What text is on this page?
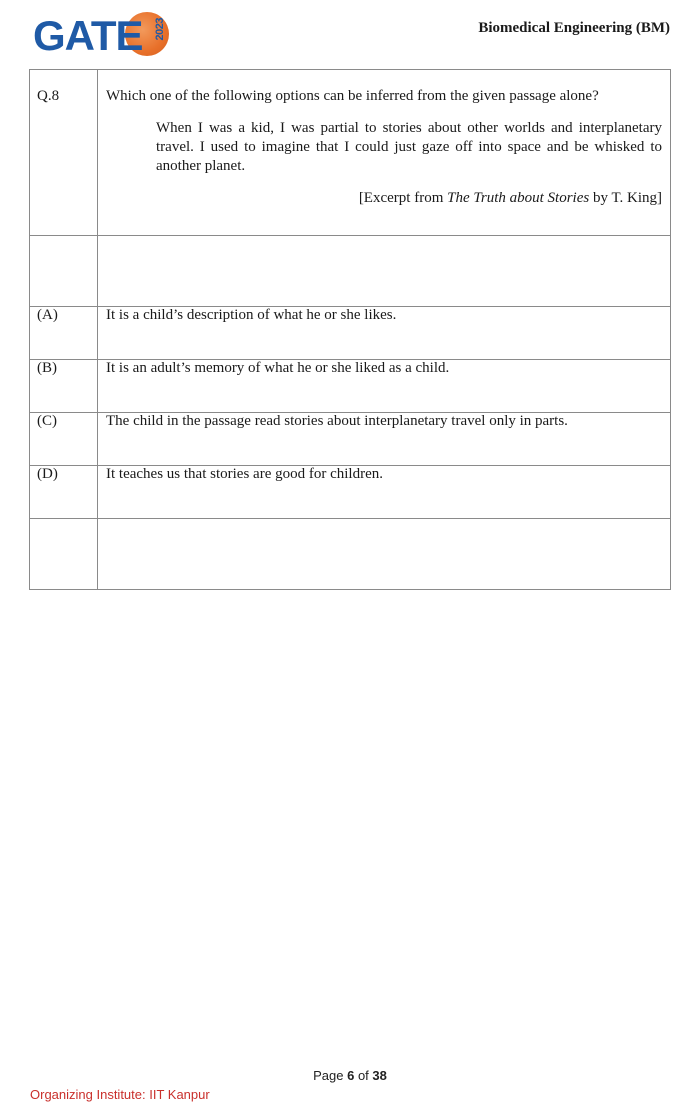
GATE 2023	Biomedical Engineering (BM)
Q.8	Which one of the following options can be inferred from the given passage alone?
When I was a kid, I was partial to stories about other worlds and interplanetary travel. I used to imagine that I could just gaze off into space and be whisked to another planet.
[Excerpt from The Truth about Stories by T. King]

(A)	It is a child’s description of what he or she likes.
(B)	It is an adult’s memory of what he or she liked as a child.
(C)	The child in the passage read stories about interplanetary travel only in parts.
(D)	It teaches us that stories are good for children.

Page 6 of 38
Organizing Institute: IIT Kanpur
